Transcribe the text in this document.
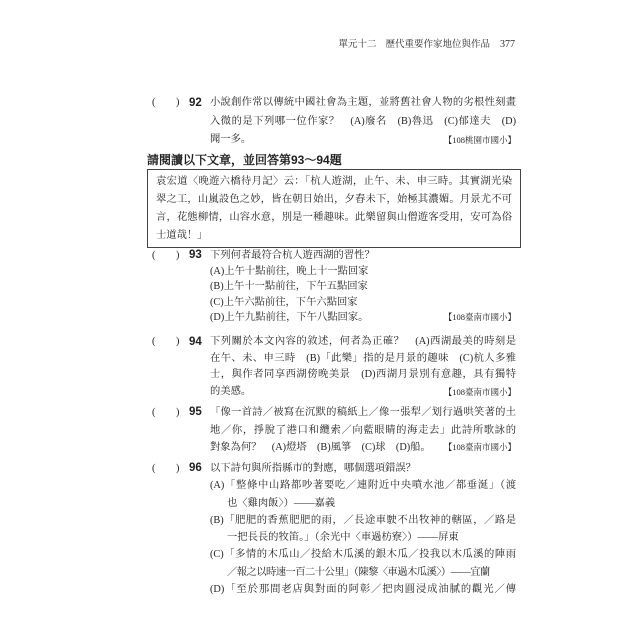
單元十二 歷代重要作家地位與作品 377
(　　) 92 小說創作常以傳統中國社會為主題，並將舊社會人物的劣根性刻畫
入微的是下列哪一位作家？　(A)廢名　(B)魯迅　(C)郁達夫　(D)
聞一多。	【108桃園市國小】
請閱讀以下文章，並回答第93～94題
袁宏道〈晚遊六橋待月記〉云：「杭人遊湖，止午、未、申三時。其實湖光染
翠之工，山嵐設色之妙，皆在朝日始出，夕舂未下，始極其濃媚。月景尤不可
言，花態柳情，山容水意，別是一種趣味。此樂留與山僧遊客受用，安可為俗
士道哉！」
(　　) 93 下列何者最符合杭人遊西湖的習性？
(A)上午十點前往，晚上十一點回家
(B)上午十一點前往，下午五點回家
(C)上午六點前往，下午六點回家
(D)上午九點前往，下午八點回家。	【108臺南市國小】
(　　) 94 下列關於本文內容的敘述，何者為正確？　(A)西湖最美的時刻是
在午、未、申三時　(B)「此樂」指的是月景的趣味　(C)杭人多雅
士，與作者同享西湖傍晚美景　(D)西湖月景別有意趣，具有獨特
的美感。	【108臺南市國小】
(　　) 95 「像一首詩／被寫在沉默的稿紙上／像一張犁／划行過哄笑著的土
地／你，掙脫了港口和纜索／向藍眼睛的海走去」此詩所歌詠的
對象為何？　(A)燈塔　(B)風箏　(C)球　(D)船。 【108臺南市國小】
(　　) 96 以下詩句與所指縣市的對應，哪個選項錯誤？
(A)「整條中山路都吵著要吃／連附近中央噴水池／都垂涎」（渡
也〈雞肉飯〉）——嘉義
(B)「肥肥的香蕉肥肥的雨，／長途車駛不出牧神的轄區，／路是
一把長長的牧笛。」（余光中〈車過枋寮〉）——屏東
(C)「多情的木瓜山／投給木瓜溪的銀木瓜／投我以木瓜溪的陣雨
／報之以時速一百二十公里」（陳黎〈車過木瓜溪〉）——宜蘭
(D)「至於那間老店與對面的阿彰／把肉圓浸成油膩的觀光／傳
